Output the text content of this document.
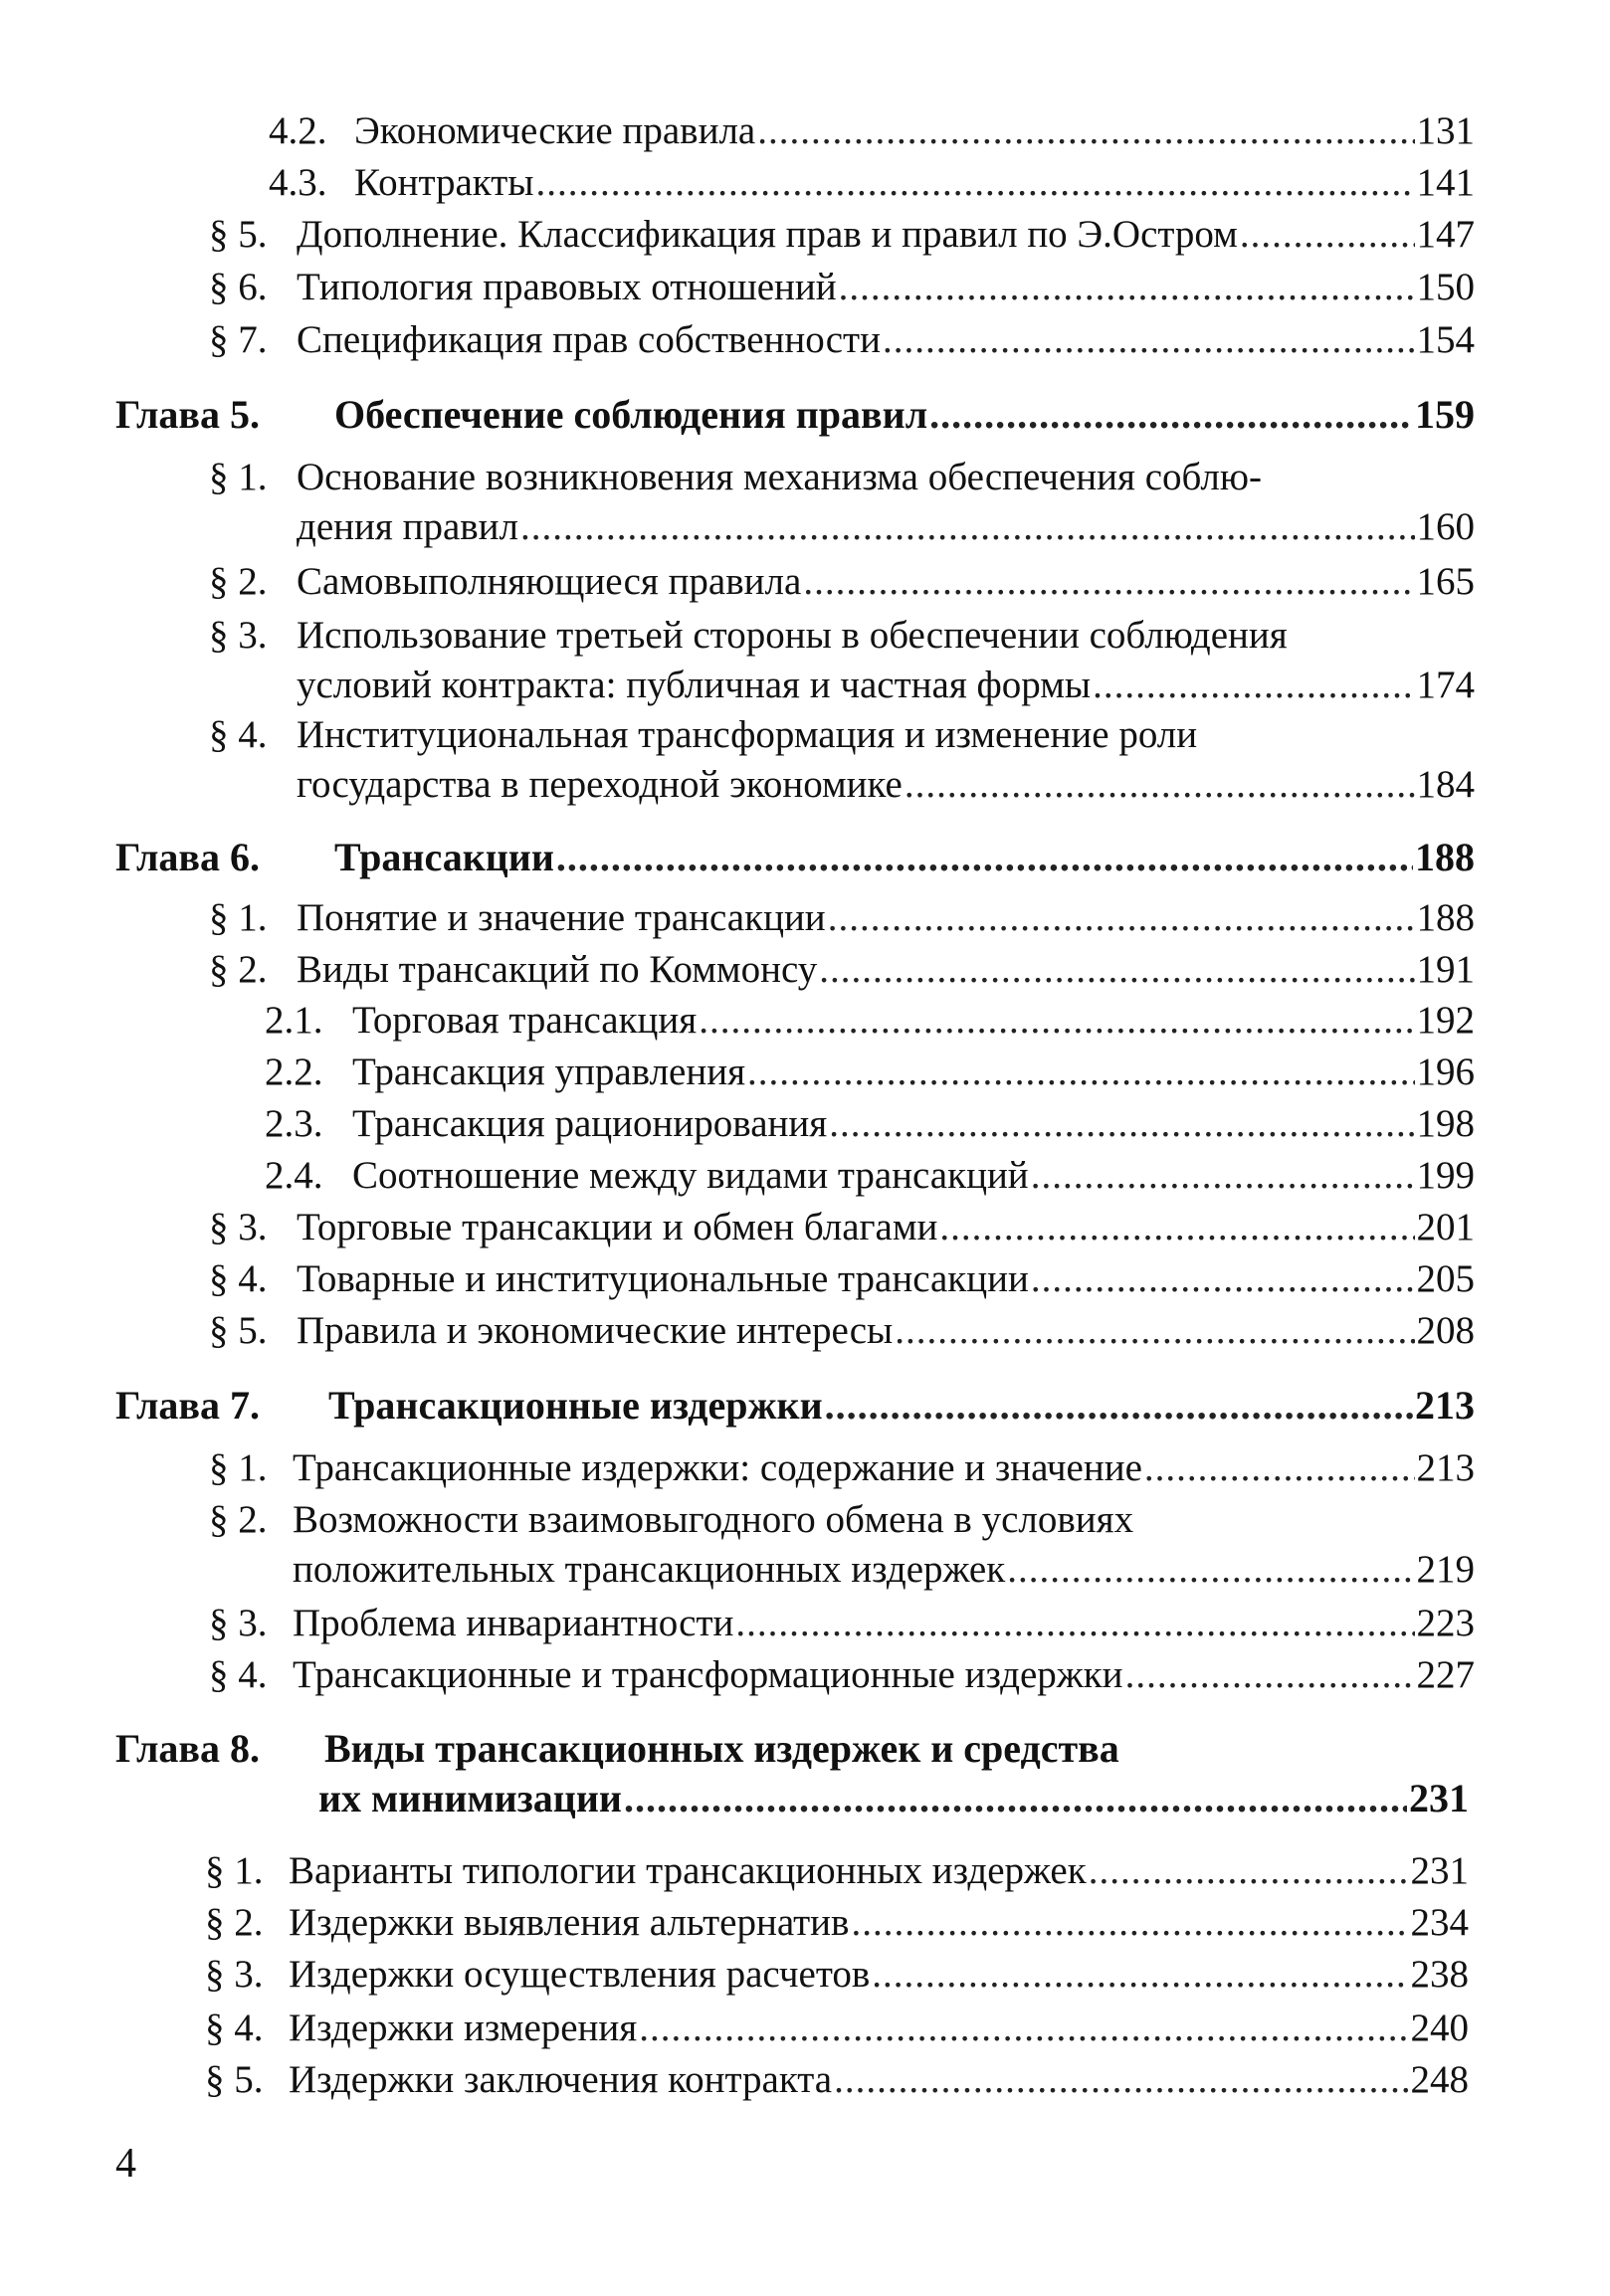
4.2. Экономические правила .....	131
4.3. Контракты .....	141
§ 5. Дополнение. Классификация прав и правил по Э.Остром .....	147
§ 6. Типология правовых отношений .....	150
§ 7. Спецификация прав собственности .....	154
Глава 5. Обеспечение соблюдения правил .....	159
§ 1. Основание возникновения механизма обеспечения соблю-
дения правил .....	160
§ 2. Самовыполняющиеся правила .....	165
§ 3. Использование третьей стороны в обеспечении соблюдения
условий контракта: публичная и частная формы .....	174
§ 4. Институциональная трансформация и изменение роли
государства в переходной экономике .....	184
Глава 6. Трансакции .....	188
§ 1. Понятие и значение трансакции .....	188
§ 2. Виды трансакций по Коммонсу .....	191
2.1. Торговая трансакция .....	192
2.2. Трансакция управления .....	196
2.3. Трансакция рационирования .....	198
2.4. Соотношение между видами трансакций .....	199
§ 3. Торговые трансакции и обмен благами .....	201
§ 4. Товарные и институциональные трансакции .....	205
§ 5. Правила и экономические интересы .....	208
Глава 7. Трансакционные издержки .....	213
§ 1. Трансакционные издержки: содержание и значение .....	213
§ 2. Возможности взаимовыгодного обмена в условиях
положительных трансакционных издержек .....	219
§ 3. Проблема инвариантности .....	223
§ 4. Трансакционные и трансформационные издержки .....	227
Глава 8. Виды трансакционных издержек и средства
их минимизации .....	231
§ 1. Варианты типологии трансакционных издержек .....	231
§ 2. Издержки выявления альтернатив .....	234
§ 3. Издержки осуществления расчетов .....	238
§ 4. Издержки измерения .....	240
§ 5. Издержки заключения контракта .....	248
4
